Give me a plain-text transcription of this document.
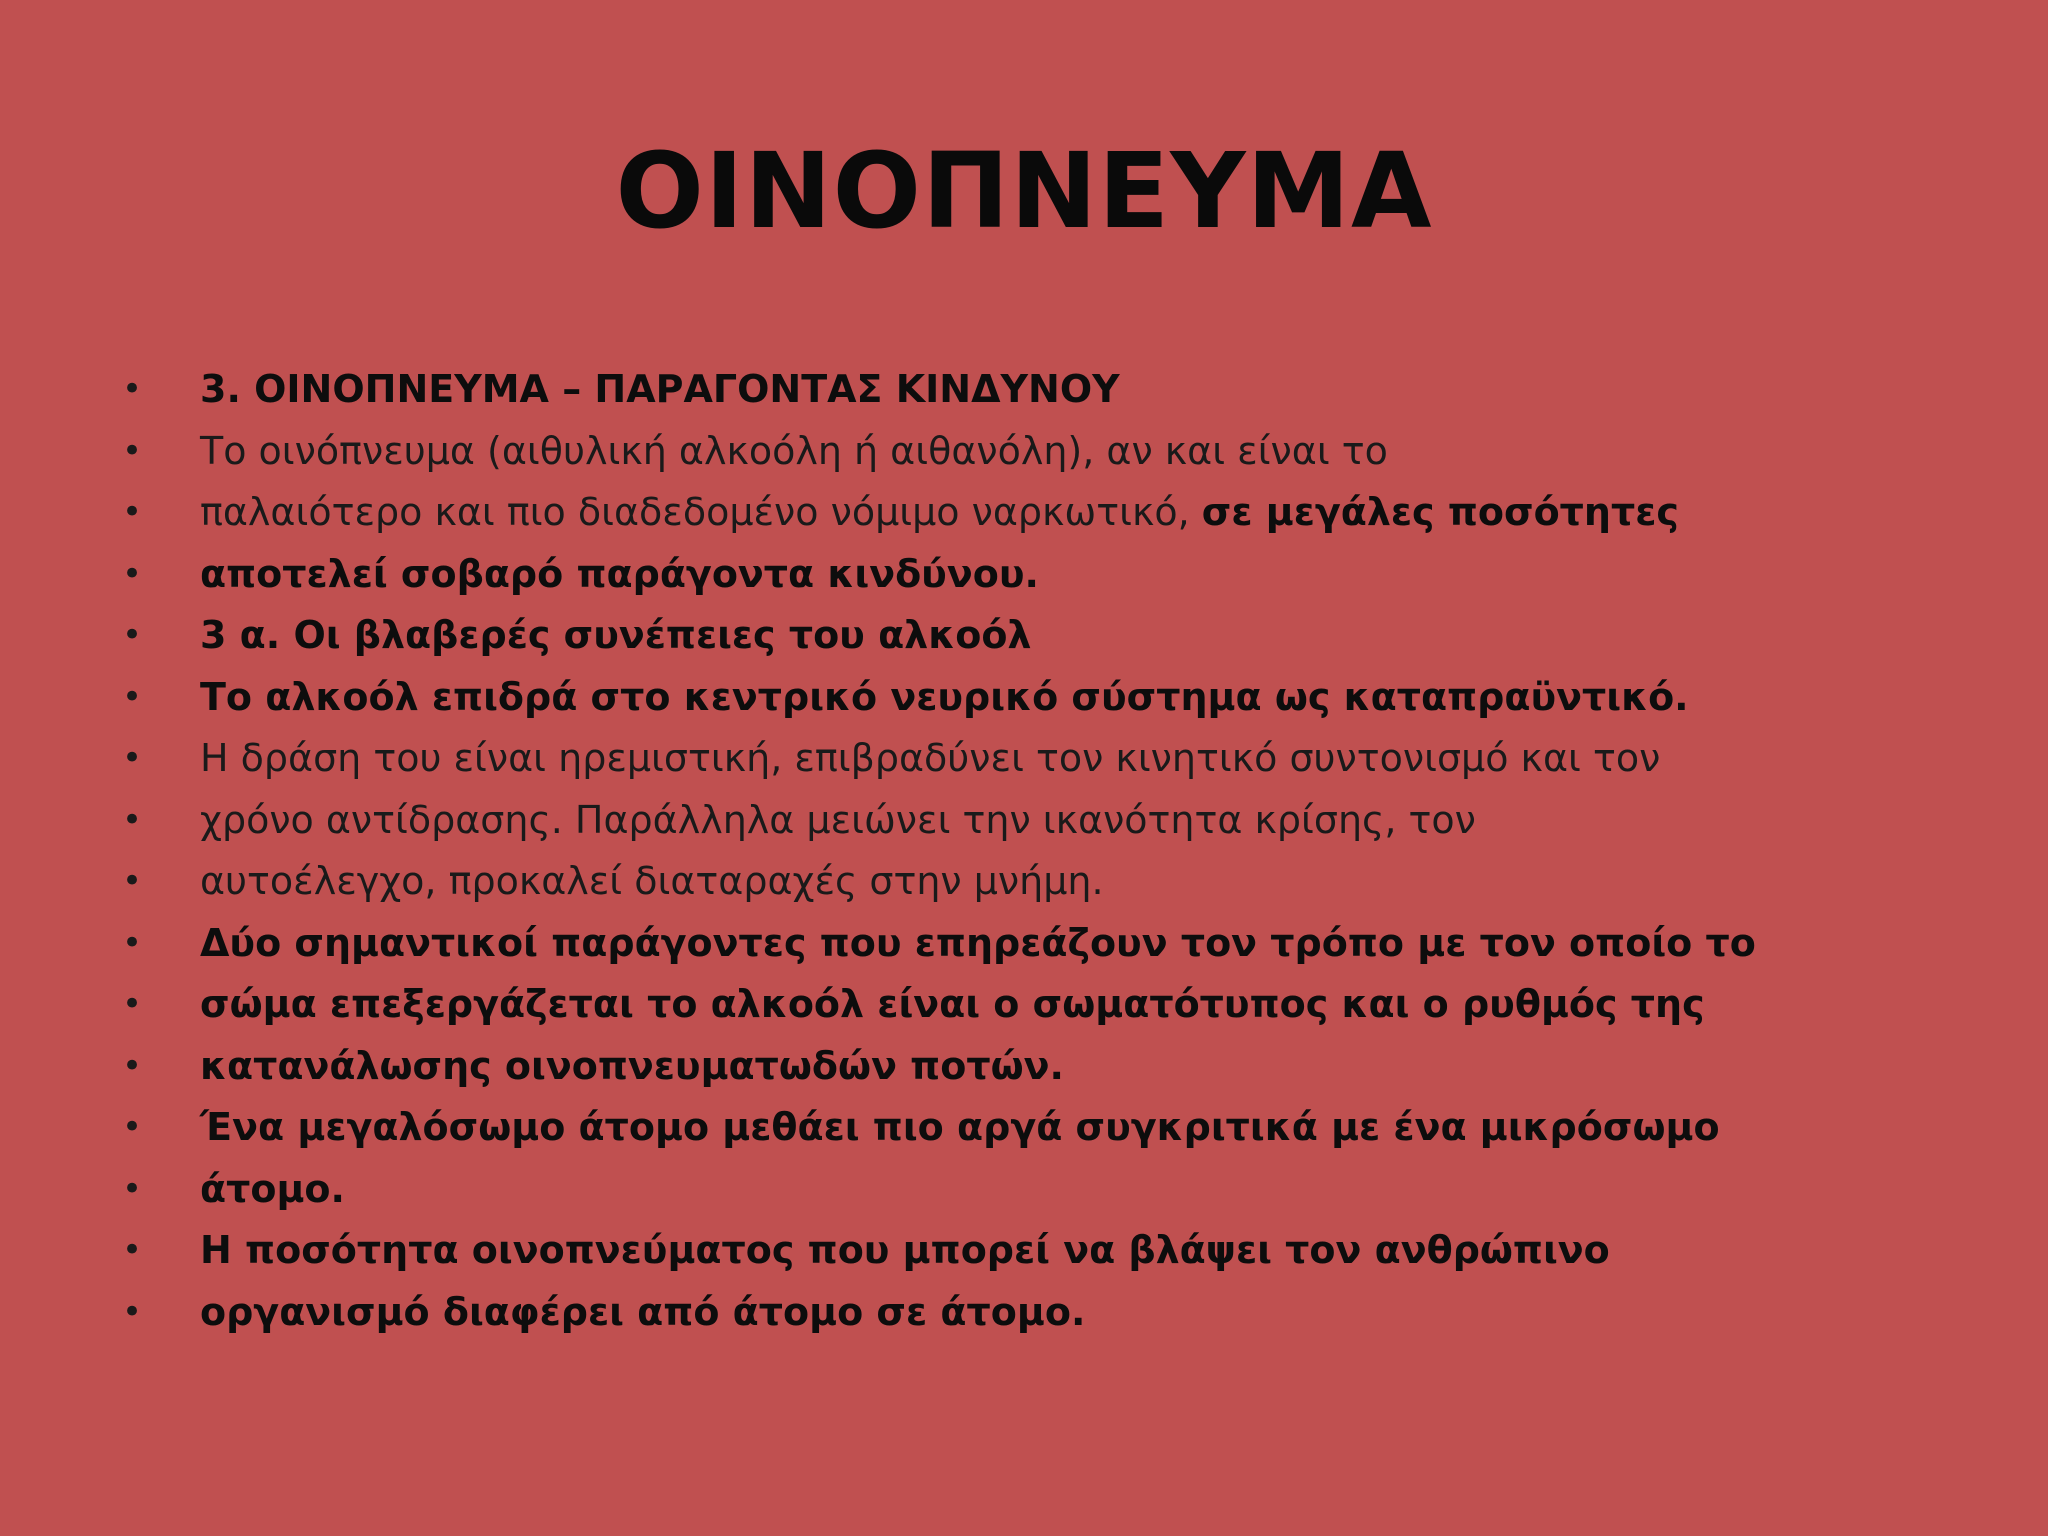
ΟΙΝΟΠΝΕΥΜΑ
• 3. ΟΙΝΟΠΝΕΥΜΑ – ΠΑΡΑΓΟΝΤΑΣ ΚΙΝΔΥΝΟΥ
• Το οινόπνευμα (αιθυλική αλκοόλη ή αιθανόλη), αν και είναι το
• παλαιότερο και πιο διαδεδομένο νόμιμο ναρκωτικό, σε μεγάλες ποσότητες
• αποτελεί σοβαρό παράγοντα κινδύνου.
• 3 α. Οι βλαβερές συνέπειες του αλκοόλ
• Το αλκοόλ επιδρά στο κεντρικό νευρικό σύστημα ως καταπραϋντικό.
• Η δράση του είναι ηρεμιστική, επιβραδύνει τον κινητικό συντονισμό και τον
• χρόνο αντίδρασης. Παράλληλα μειώνει την ικανότητα κρίσης, τον
• αυτοέλεγχο, προκαλεί διαταραχές στην μνήμη.
• Δύο σημαντικοί παράγοντες που επηρεάζουν τον τρόπο με τον οποίο το
• σώμα επεξεργάζεται το αλκοόλ είναι ο σωματότυπος και ο ρυθμός της
• κατανάλωσης οινοπνευματωδών ποτών.
• Ένα μεγαλόσωμο άτομο μεθάει πιο αργά συγκριτικά με ένα μικρόσωμο
• άτομο.
• Η ποσότητα οινοπνεύματος που μπορεί να βλάψει τον ανθρώπινο
• οργανισμό διαφέρει από άτομο σε άτομο.
